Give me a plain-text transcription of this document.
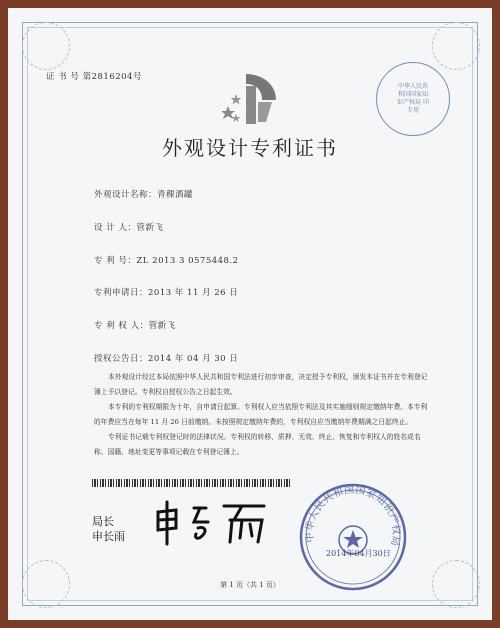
证 书 号 第2816204号
中华人民共和国国家知识产权局 印专用
外观设计专利证书
外观设计名称：青稞酒罐
设 计 人：管新飞
专 利 号：ZL 2013 3 0575448.2
专利申请日：2013 年 11 月 26 日
专 利 权 人：管新飞
授权公告日：2014 年 04 月 30 日
本外观设计经过本局依照中华人民共和国专利法进行初步审查，决定授予专利权，颁发本证书并在专利登记簿上予以登记。专利权自授权公告之日起生效。
本专利的专利权期限为十年，自申请日起算。专利权人应当依照专利法及其实施细则规定缴纳年费。本专利的年费应当在每年 11 月 26 日前缴纳。未按照规定缴纳年费的，专利权自应当缴纳年费期满之日起终止。
专利证书记载专利权登记时的法律状况。专利权的转移、质押、无效、终止、恢复和专利权人的姓名或名称、国籍、地址变更等事项记载在专利登记簿上。
局长
申长雨	中华人民共和国国家知识产权局
2014年04月30日
第 1 页（共 1 页）
